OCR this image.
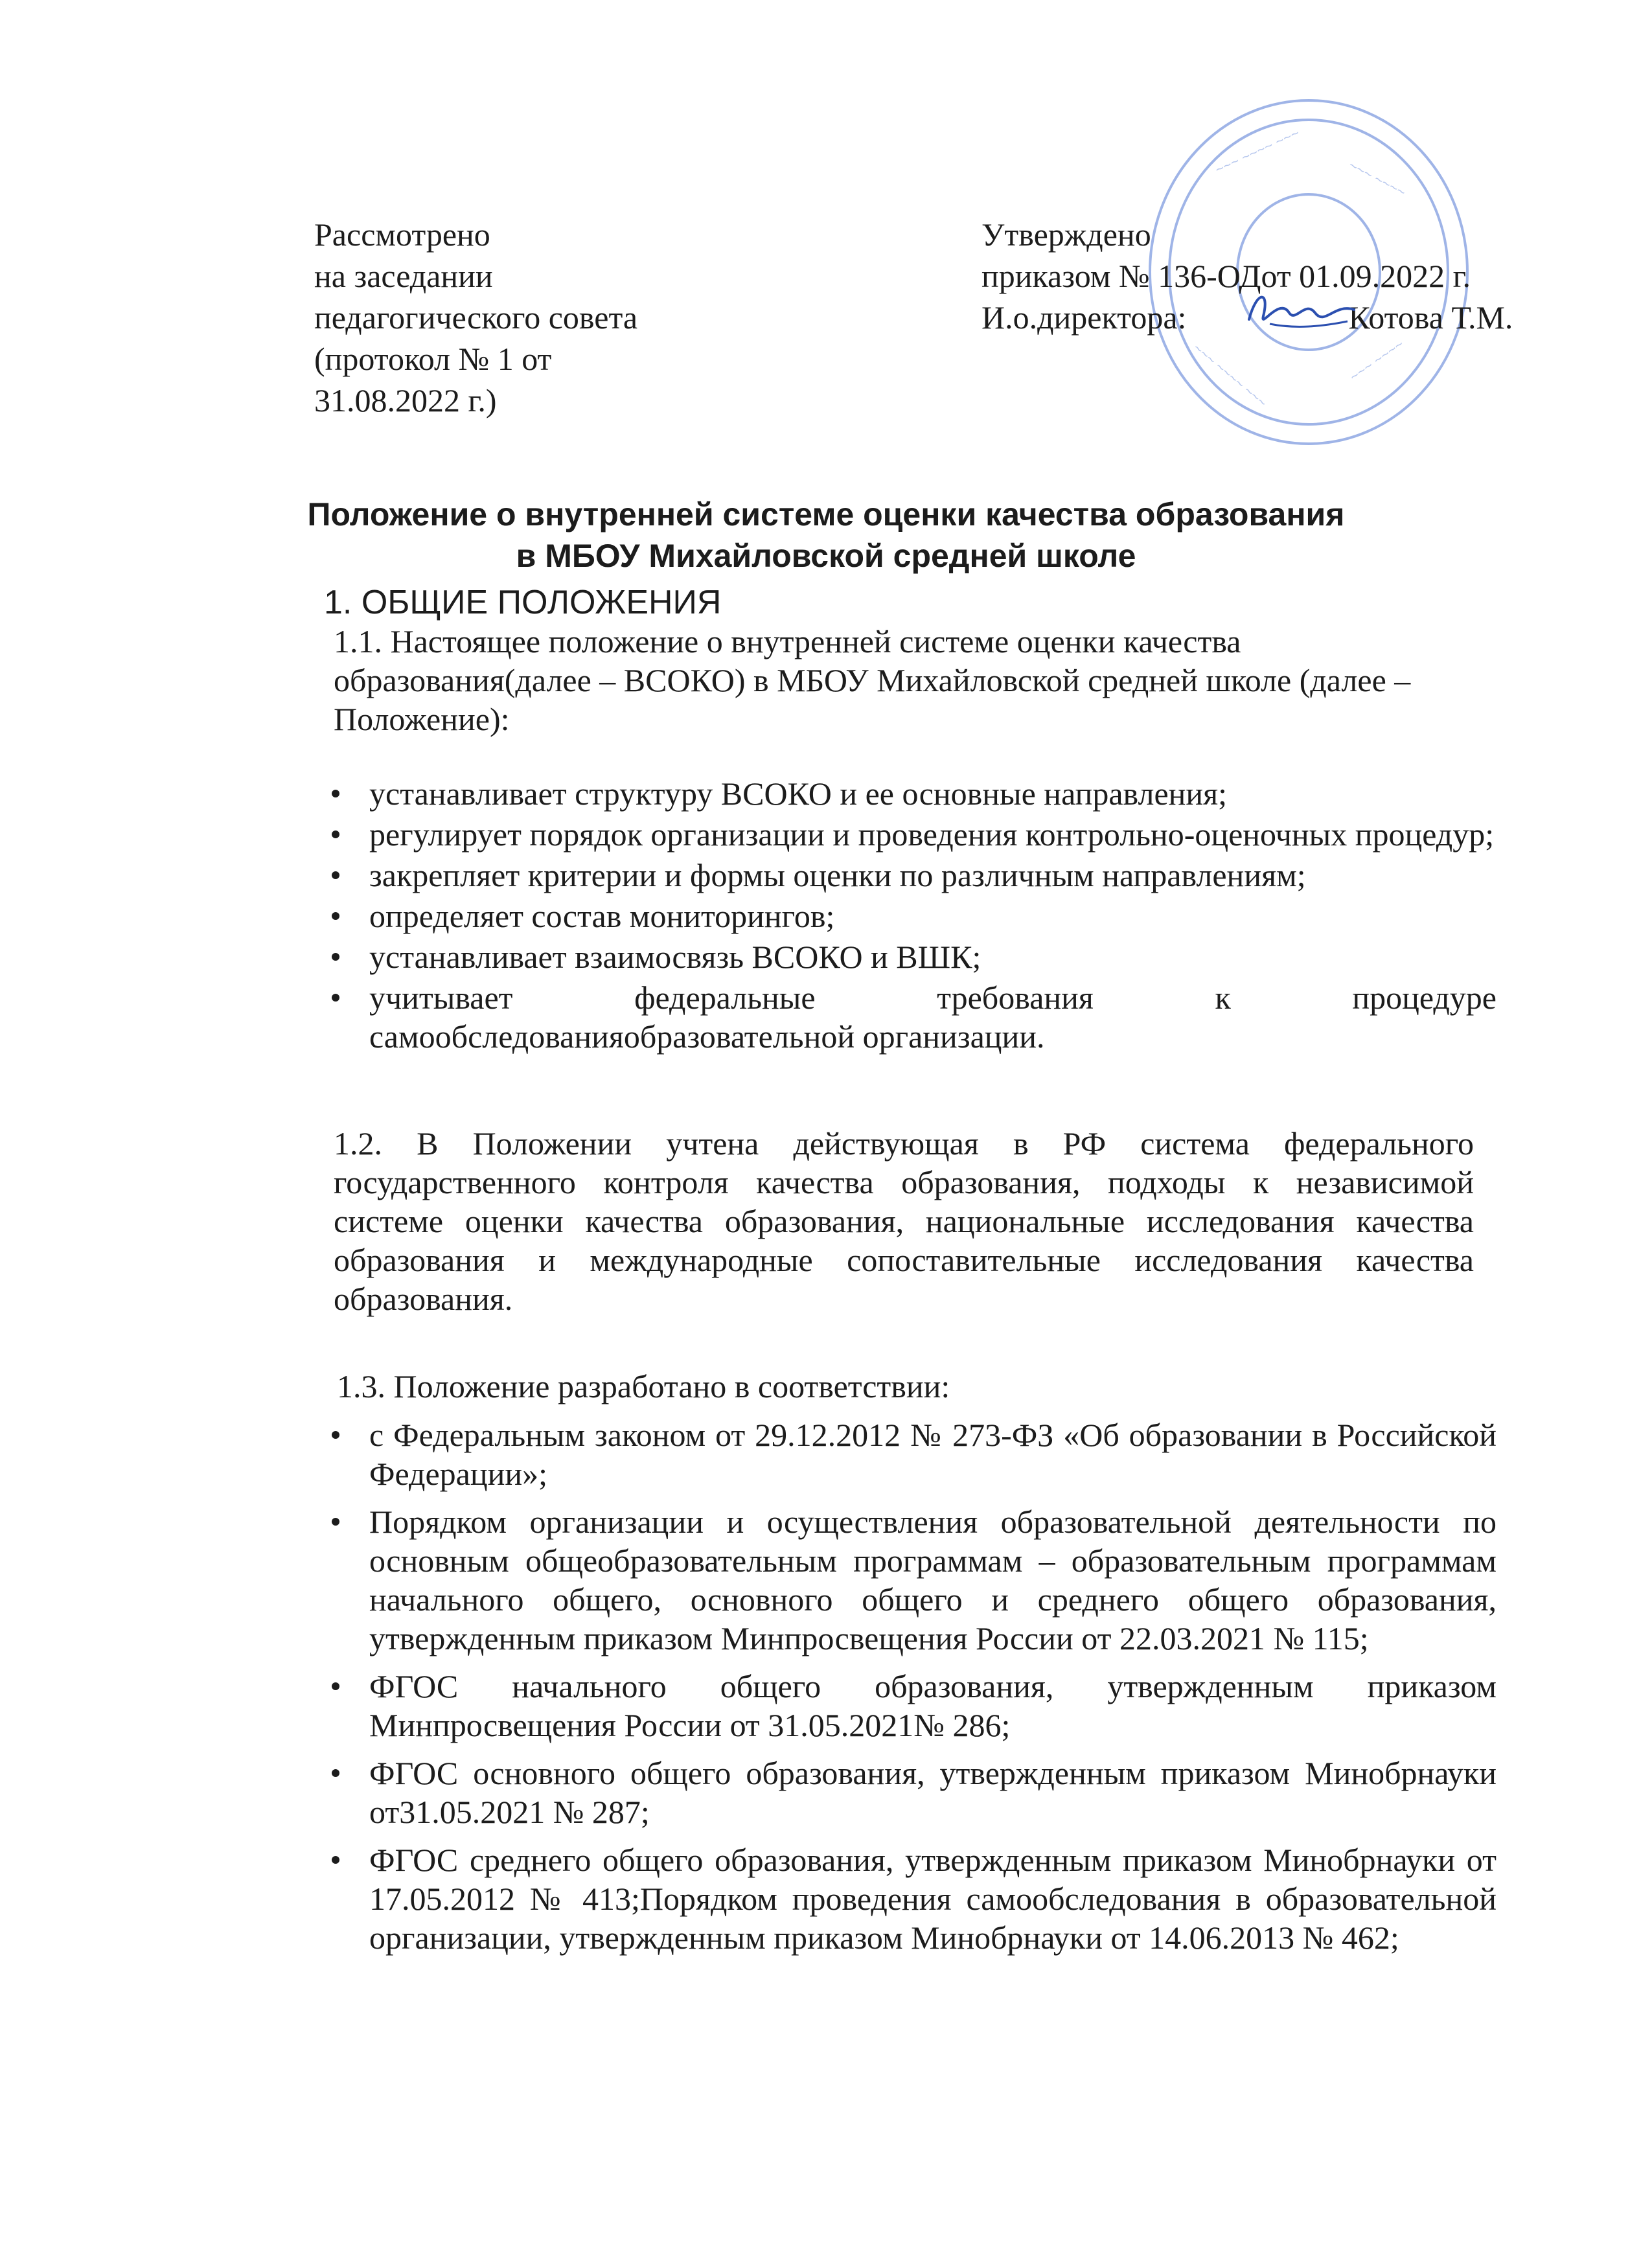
~~~ ~~~~ ~~~
~~~ ~~~~
~~~ ~~~~ ~~~	~~~ ~~~~
Рассмотрено
на заседании
педагогического совета
(протокол № 1 от
31.08.2022 г.)
Утверждено
приказом № 136-ОДот 01.09.2022 г.
И.о.директора:	Котова Т.М.
Положение о внутренней системе оценки качества образования
в МБОУ Михайловской средней школе
1. ОБЩИЕ ПОЛОЖЕНИЯ
1.1. Настоящее положение о внутренней системе оценки качества образования(далее – ВСОКО) в МБОУ Михайловской средней школе (далее – Положение):
устанавливает структуру ВСОКО и ее основные направления;
регулирует порядок организации и проведения контрольно-оценочных процедур;
закрепляет критерии и формы оценки по различным направлениям;
определяет состав мониторингов;
устанавливает взаимосвязь ВСОКО и ВШК;
учитывает федеральные требования к процедуре самообследованияобразовательной организации.
1.2. В Положении учтена действующая в РФ система федерального государственного контроля качества образования, подходы к независимой системе оценки качества образования, национальные исследования качества образования и международные сопоставительные исследования качества образования.
1.3. Положение разработано в соответствии:
с Федеральным законом от 29.12.2012 № 273-ФЗ «Об образовании в Российской Федерации»;
Порядком организации и осуществления образовательной деятельности по основным общеобразовательным программам – образовательным программам начального общего, основного общего и среднего общего образования, утвержденным приказом Минпросвещения России от 22.03.2021 № 115;
ФГОС начального общего образования, утвержденным приказом Минпросвещения России от 31.05.2021№ 286;
ФГОС основного общего образования, утвержденным приказом Минобрнауки от31.05.2021 № 287;
ФГОС среднего общего образования, утвержденным приказом Минобрнауки от 17.05.2012 № 413;Порядком проведения самообследования в образовательной организации, утвержденным приказом Минобрнауки от 14.06.2013 № 462;
